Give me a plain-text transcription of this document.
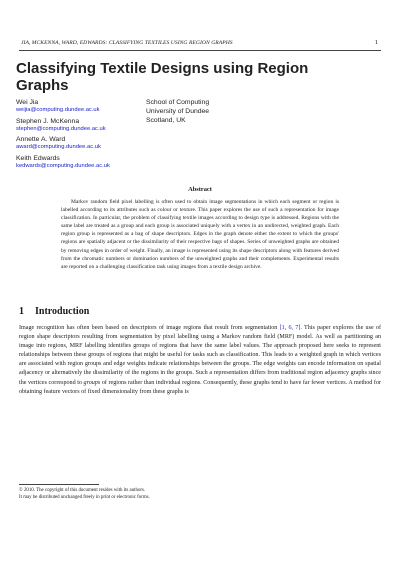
JIA, MCKENNA, WARD, EDWARDS: CLASSIFYING TEXTILES USING REGION GRAPHS	1
Classifying Textile Designs using Region Graphs
Wei Jia
weijia@computing.dundee.ac.uk
Stephen J. McKenna
stephen@computing.dundee.ac.uk
Annette A. Ward
award@computing.dundee.ac.uk
Keith Edwards
kedwards@computing.dundee.ac.uk
School of Computing
University of Dundee
Scotland, UK
Abstract
Markov random field pixel labelling is often used to obtain image segmentations in which each segment or region is labelled according to its attributes such as colour or texture. This paper explores the use of such a representation for image classification. In particular, the problem of classifying textile images according to design type is addressed. Regions with the same label are treated as a group and each group is associated uniquely with a vertex in an undirected, weighted graph. Each region group is represented as a bag of shape descriptors. Edges in the graph denote either the extent to which the groups' regions are spatially adjacent or the dissimilarity of their respective bags of shapes. Series of unweighted graphs are obtained by removing edges in order of weight. Finally, an image is represented using its shape descriptors along with features derived from the chromatic numbers or domination numbers of the unweighted graphs and their complements. Experimental results are reported on a challenging classification task using images from a textile design archive.
1 Introduction
Image recognition has often been based on descriptors of image regions that result from segmentation [1, 6, 7]. This paper explores the use of region shape descriptors resulting from segmentation by pixel labelling using a Markov random field (MRF) model. As well as partitioning an image into regions, MRF labelling identifies groups of regions that have the same label values. The approach proposed here seeks to represent relationships between these groups of regions that might be useful for tasks such as classification. This leads to a weighted graph in which vertices are associated with region groups and edge weights indicate relationships between the groups. The edge weights can encode information on spatial adjacency or alternatively the dissimilarity of the regions in the groups. Such a representation differs from traditional region adjacency graphs since the vertices correspond to groups of regions rather than individual regions. Consequently, these graphs tend to have far fewer vertices. A method for obtaining feature vectors of fixed dimensionality from these graphs is
© 2010. The copyright of this document resides with its authors.
It may be distributed unchanged freely in print or electronic forms.
